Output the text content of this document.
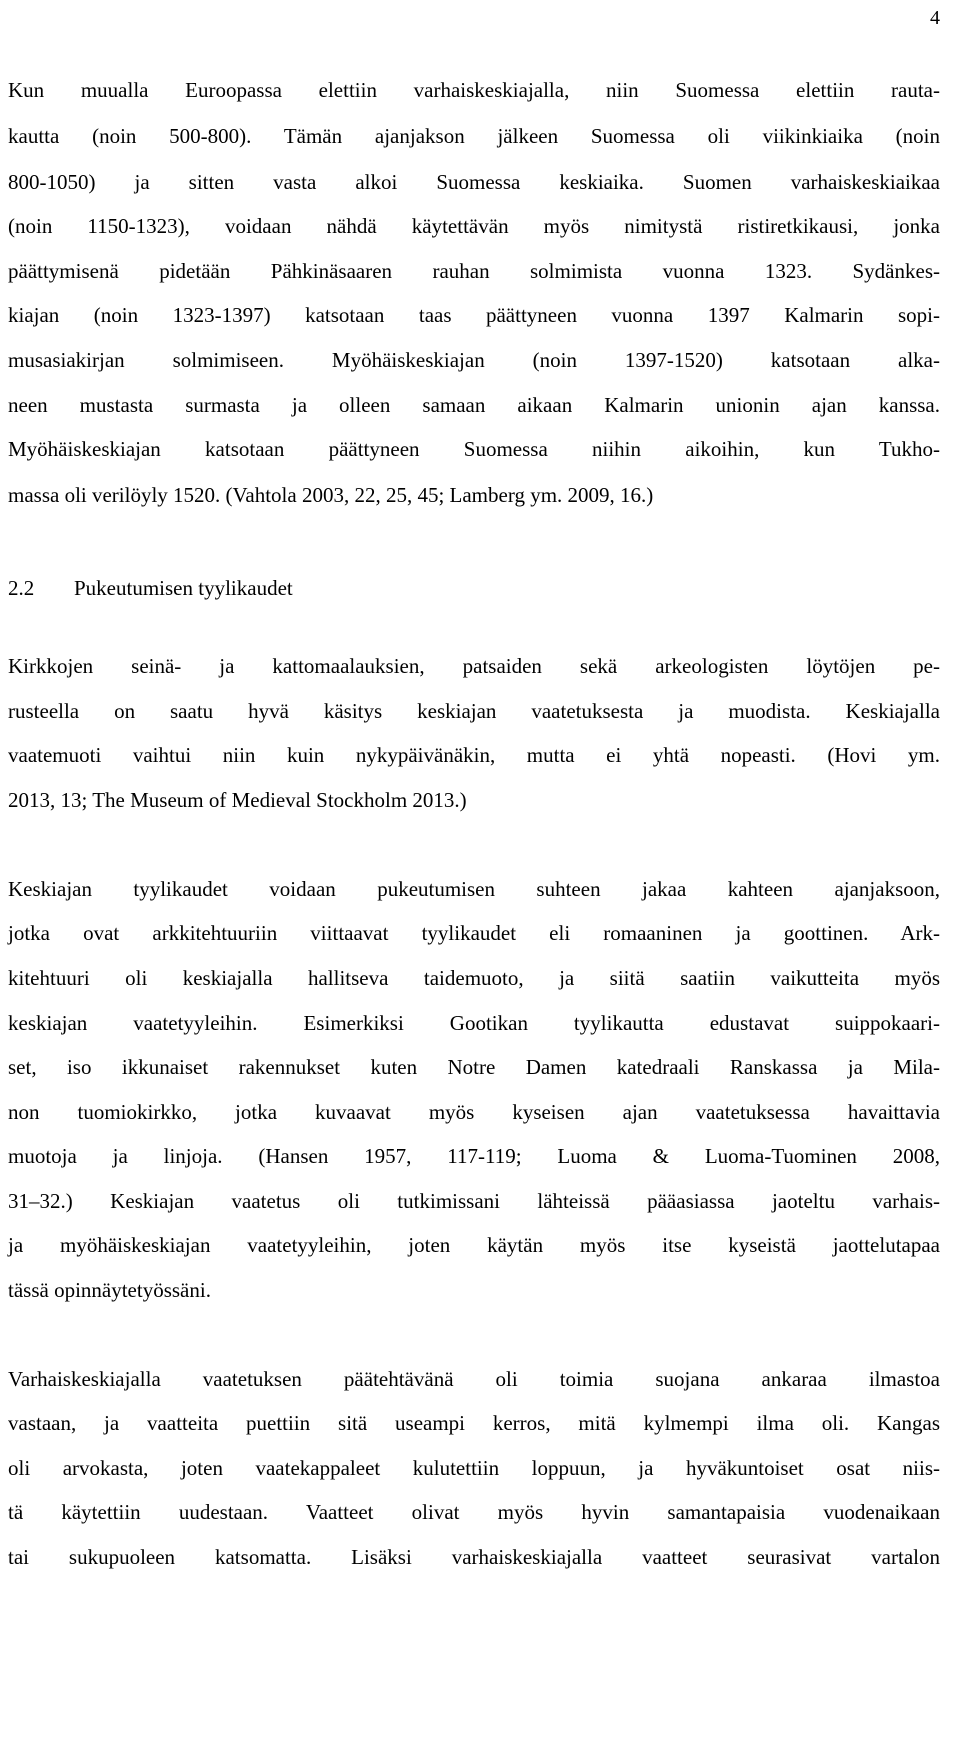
4

Kun muualla Euroopassa elettiin varhaiskeskiajalla, niin Suomessa elettiin rauta-

kautta (noin 500-800). Tämän ajanjakson jälkeen Suomessa oli viikinkiaika (noin

800-1050) ja sitten vasta alkoi Suomessa keskiaika. Suomen varhaiskeskiaikaa

(noin 1150-1323), voidaan nähdä käytettävän myös nimitystä ristiretkikausi, jonka

päättymisenä pidetään Pähkinäsaaren rauhan solmimista vuonna 1323. Sydänkes-

kiajan (noin 1323-1397) katsotaan taas päättyneen vuonna 1397 Kalmarin sopi-

musasiakirjan solmimiseen. Myöhäiskeskiajan (noin 1397-1520) katsotaan alka-

neen mustasta surmasta ja olleen samaan aikaan Kalmarin unionin ajan kanssa.

Myöhäiskeskiajan katsotaan päättyneen Suomessa niihin aikoihin, kun Tukho-

massa oli verilöyly 1520. (Vahtola 2003, 22, 25, 45; Lamberg ym. 2009, 16.)

2.2 Pukeutumisen tyylikaudet

Kirkkojen seinä- ja kattomaalauksien, patsaiden sekä arkeologisten löytöjen pe-

rusteella on saatu hyvä käsitys keskiajan vaatetuksesta ja muodista. Keskiajalla

vaatemuoti vaihtui niin kuin nykypäivänäkin, mutta ei yhtä nopeasti. (Hovi ym.

2013, 13; The Museum of Medieval Stockholm 2013.)

Keskiajan tyylikaudet voidaan pukeutumisen suhteen jakaa kahteen ajanjaksoon,

jotka ovat arkkitehtuuriin viittaavat tyylikaudet eli romaaninen ja goottinen. Ark-

kitehtuuri oli keskiajalla hallitseva taidemuoto, ja siitä saatiin vaikutteita myös

keskiajan vaatetyyleihin. Esimerkiksi Gootikan tyylikautta edustavat suippokaari-

set, iso ikkunaiset rakennukset kuten Notre Damen katedraali Ranskassa ja Mila-

non tuomiokirkko, jotka kuvaavat myös kyseisen ajan vaatetuksessa havaittavia

muotoja ja linjoja. (Hansen 1957, 117-119; Luoma & Luoma-Tuominen 2008,

31–32.) Keskiajan vaatetus oli tutkimissani lähteissä pääasiassa jaoteltu varhais-

ja myöhäiskeskiajan vaatetyyleihin, joten käytän myös itse kyseistä jaottelutapaa

tässä opinnäytetyössäni.

Varhaiskeskiajalla vaatetuksen päätehtävänä oli toimia suojana ankaraa ilmastoa

vastaan, ja vaatteita puettiin sitä useampi kerros, mitä kylmempi ilma oli. Kangas

oli arvokasta, joten vaatekappaleet kulutettiin loppuun, ja hyväkuntoiset osat niis-

tä käytettiin uudestaan. Vaatteet olivat myös hyvin samantapaisia vuodenaikaan

tai sukupuoleen katsomatta. Lisäksi varhaiskeskiajalla vaatteet seurasivat vartalon
